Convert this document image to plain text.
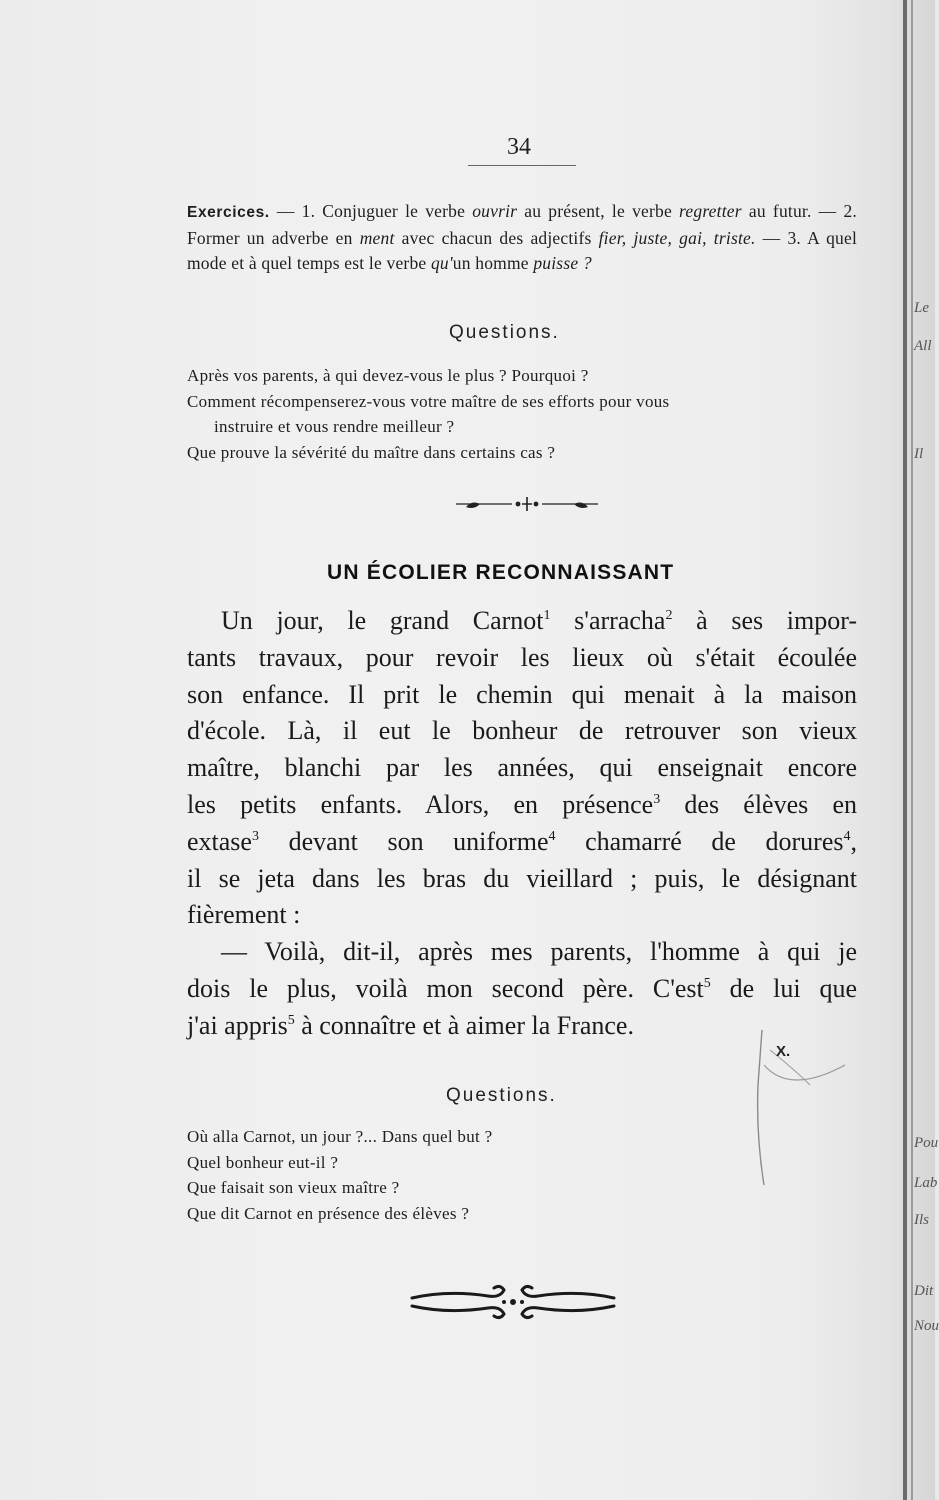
Le
All
Il
Pou
Lab
Ils
Dit
Nou
34

Exercices. — 1. Conjuguer le verbe ouvrir au présent, le verbe regretter au futur. — 2. Former un adverbe en ment avec chacun des adjectifs fier, juste, gai, triste. — 3. A quel mode et à quel temps est le verbe qu'un homme puisse ?

Questions.
Après vos parents, à qui devez-vous le plus ? Pourquoi ?
Comment récompenserez-vous votre maître de ses efforts pour vous
instruire et vous rendre meilleur ?
Que prouve la sévérité du maître dans certains cas ?
UN ÉCOLIER RECONNAISSANT
Un jour, le grand Carnot$^1$ s'arracha$^2$ à ses impor-
tants travaux, pour revoir les lieux où s'était écoulée
son enfance. Il prit le chemin qui menait à la maison
d'école. Là, il eut le bonheur de retrouver son vieux
maître, blanchi par les années, qui enseignait encore
les petits enfants. Alors, en présence$^3$ des élèves en
extase$^3$ devant son uniforme$^4$ chamarré de dorures$^4$,
il se jeta dans les bras du vieillard ; puis, le désignant
fièrement :
— Voilà, dit-il, après mes parents, l'homme à qui je
dois le plus, voilà mon second père. C'est$^5$ de lui que
j'ai appris$^5$ à connaître et à aimer la France.
X.
Questions.
Où alla Carnot, un jour ?... Dans quel but ?
Quel bonheur eut-il ?
Que faisait son vieux maître ?
Que dit Carnot en présence des élèves ?
